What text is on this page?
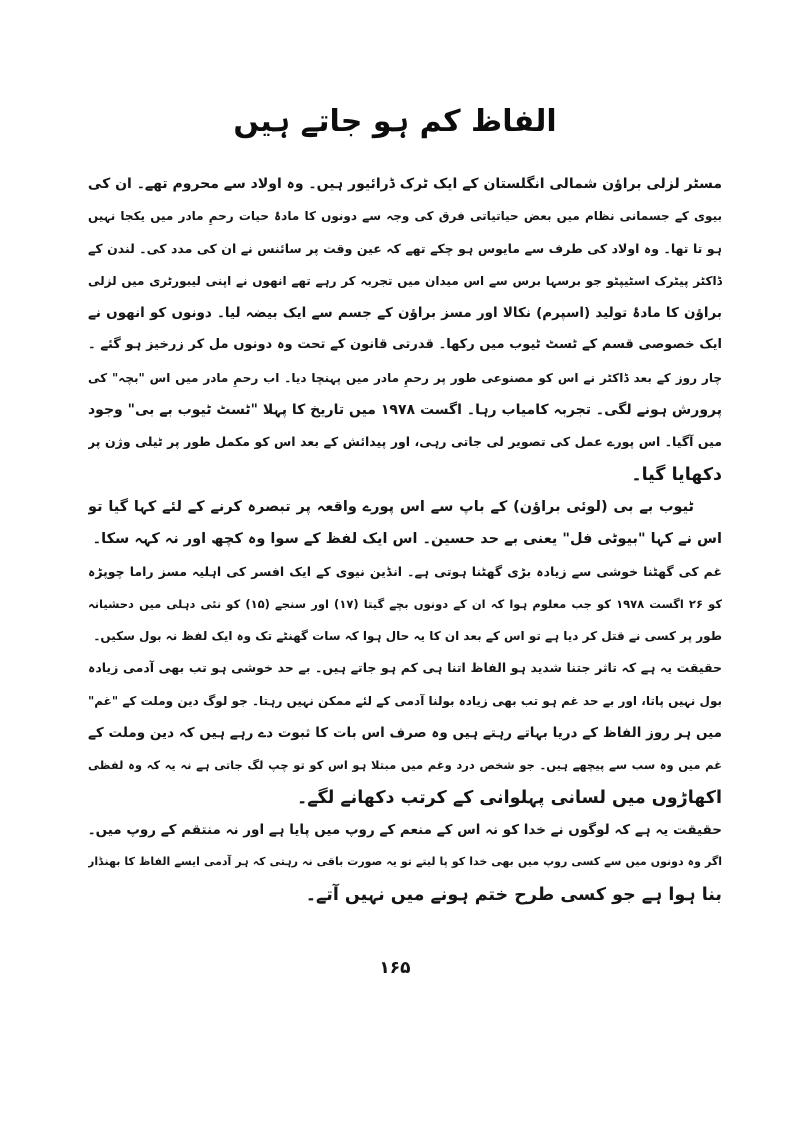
الفاظ کم ہو جاتے ہیں
مسٹر لزلی براؤن شمالی انگلستان کے ایک ٹرک ڈرائیور ہیں۔ وہ اولاد سے محروم تھے۔ ان کی
بیوی کے جسمانی نظام میں بعض حیاتیاتی فرق کی وجہ سے دونوں کا مادۂ حیات رحمِ مادر میں یکجا نہیں
ہو تا تھا۔ وہ اولاد کی طرف سے مایوس ہو چکے تھے کہ عین وقت پر سائنس نے ان کی مدد کی۔ لندن کے
ڈاکٹر پیٹرک اسٹیپٹو جو برسہا برس سے اس میدان میں تجربہ کر رہے تھے انھوں نے اپنی لیبورٹری میں لزلی
براؤن کا مادۂ تولید (اسپرم) نکالا اور مسز براؤن کے جسم سے ایک بیضہ لیا۔ دونوں کو انھوں نے
ایک خصوصی قسم کے ٹسٹ ٹیوب میں رکھا۔ قدرتی قانون کے تحت وہ دونوں مل کر زرخیز ہو گئے ۔
چار روز کے بعد ڈاکٹر نے اس کو مصنوعی طور پر رحمِ مادر میں پہنچا دیا۔ اب رحمِ مادر میں اس "بچہ" کی
پرورش ہونے لگی۔ تجربہ کامیاب رہا۔ اگست ۱۹۷۸ میں تاریخ کا پہلا "ٹسٹ ٹیوب بے بی" وجود
میں آگیا۔ اس پورے عمل کی تصویر لی جاتی رہی، اور پیدائش کے بعد اس کو مکمل طور پر ٹیلی وژن پر
دکھایا گیا۔
ٹیوب بے بی (لوئی براؤن) کے باپ سے اس پورے واقعہ پر تبصرہ کرنے کے لئے کہا گیا تو
اس نے کہا "بیوٹی فل" یعنی بے حد حسین۔ اس ایک لفظ کے سوا وہ کچھ اور نہ کہہ سکا۔
غم کی گھٹنا خوشی سے زیادہ بڑی گھٹنا ہوتی ہے۔ انڈین نیوی کے ایک افسر کی اہلیہ مسز راما چوپڑہ
کو ۲۶ اگست ۱۹۷۸ کو جب معلوم ہوا کہ ان کے دونوں بچے گیتا (۱۷) اور سنجے (۱۵) کو نئی دہلی میں دحشیانہ
طور پر کسی نے قتل کر دیا ہے تو اس کے بعد ان کا یہ حال ہوا کہ سات گھنٹے تک وہ ایک لفظ نہ بول سکیں۔
حقیقت یہ ہے کہ تاثر جتنا شدید ہو الفاظ اتنا ہی کم ہو جاتے ہیں۔ بے حد خوشی ہو تب بھی آدمی زیادہ
بول نہیں پاتا، اور بے حد غم ہو تب بھی زیادہ بولنا آدمی کے لئے ممکن نہیں رہتا۔ جو لوگ دین وملت کے "غم"
میں ہر روز الفاظ کے دریا بہاتے رہتے ہیں وہ صرف اس بات کا ثبوت دے رہے ہیں کہ دین وملت کے
غم میں وہ سب سے پیچھے ہیں۔ جو شخص درد وغم میں مبتلا ہو اس کو تو چپ لگ جاتی ہے نہ یہ کہ وہ لفظی
اکھاڑوں میں لسانی پہلوانی کے کرتب دکھانے لگے۔
حقیقت یہ ہے کہ لوگوں نے خدا کو نہ اس کے منعم کے روپ میں پایا ہے اور نہ منتقم کے روپ میں۔
اگر وہ دونوں میں سے کسی روپ میں بھی خدا کو پا لیتے تو یہ صورت باقی نہ رہتی کہ ہر آدمی ایسے الفاظ کا بھنڈار
بنا ہوا ہے جو کسی طرح ختم ہونے میں نہیں آتے۔
۱۶۵
